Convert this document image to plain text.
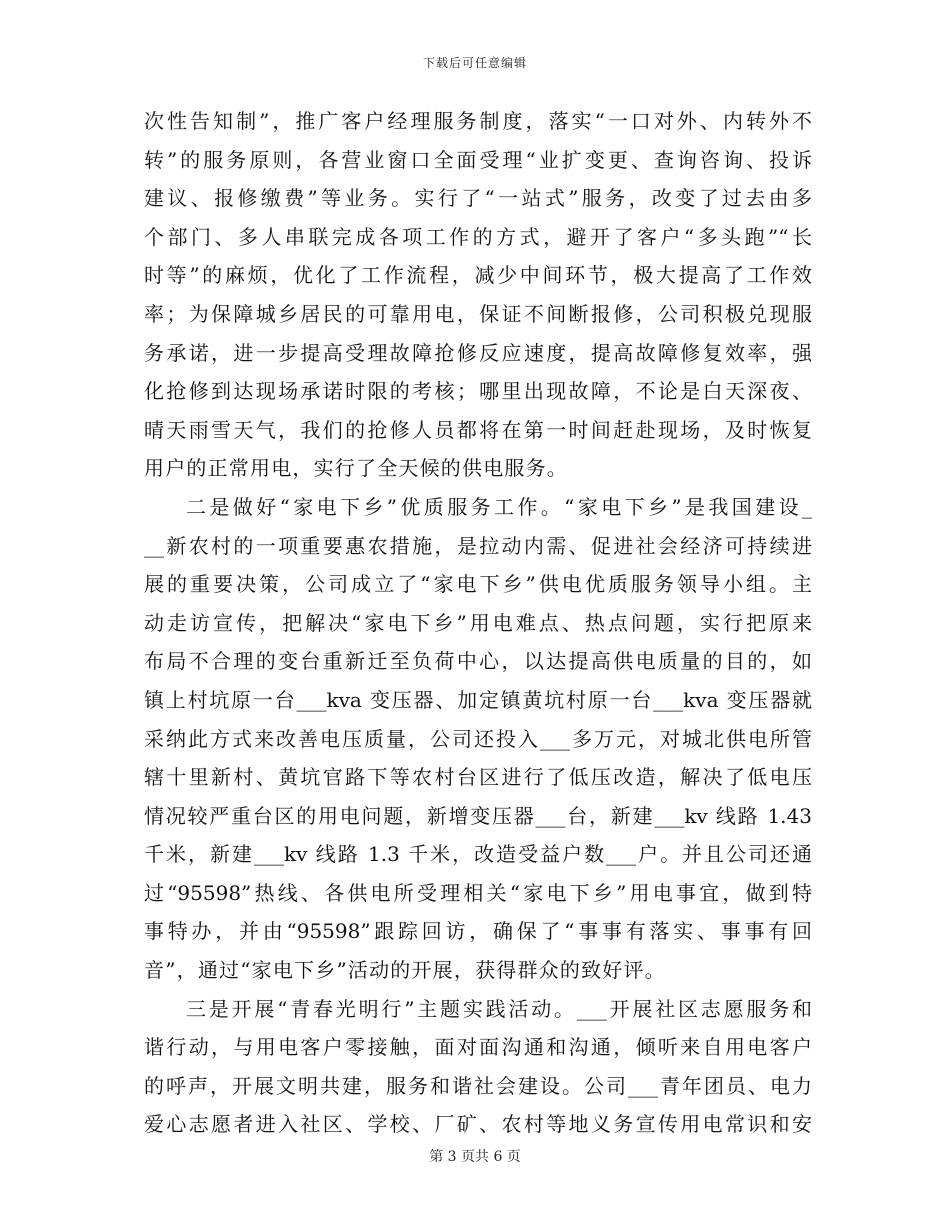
下载后可任意编辑
次性告知制”，推广客户经理服务制度，落实“一口对外、内转外不
转”的服务原则，各营业窗口全面受理“业扩变更、查询咨询、投诉
建议、报修缴费”等业务。实行了“一站式”服务，改变了过去由多
个部门、多人串联完成各项工作的方式，避开了客户“多头跑”“长
时等”的麻烦，优化了工作流程，减少中间环节，极大提高了工作效
率；为保障城乡居民的可靠用电，保证不间断报修，公司积极兑现服
务承诺，进一步提高受理故障抢修反应速度，提高故障修复效率，强
化抢修到达现场承诺时限的考核；哪里出现故障，不论是白天深夜、
晴天雨雪天气，我们的抢修人员都将在第一时间赶赴现场，及时恢复
用户的正常用电，实行了全天候的供电服务。
二是做好“家电下乡”优质服务工作。“家电下乡”是我国建设_
__新农村的一项重要惠农措施，是拉动内需、促进社会经济可持续进
展的重要决策，公司成立了“家电下乡”供电优质服务领导小组。主
动走访宣传，把解决“家电下乡”用电难点、热点问题，实行把原来
布局不合理的变台重新迁至负荷中心，以达提高供电质量的目的，如
镇上村坑原一台___kva 变压器、加定镇黄坑村原一台___kva 变压器就
采纳此方式来改善电压质量，公司还投入___多万元，对城北供电所管
辖十里新村、黄坑官路下等农村台区进行了低压改造，解决了低电压
情况较严重台区的用电问题，新增变压器___台，新建___kv 线路 1.43
千米，新建___kv 线路 1.3 千米，改造受益户数___户。并且公司还通
过“95598”热线、各供电所受理相关“家电下乡”用电事宜，做到特
事特办，并由“95598”跟踪回访，确保了“事事有落实、事事有回
音”，通过“家电下乡”活动的开展，获得群众的致好评。
三是开展“青春光明行”主题实践活动。___开展社区志愿服务和
谐行动，与用电客户零接触，面对面沟通和沟通，倾听来自用电客户
的呼声，开展文明共建，服务和谐社会建设。公司___青年团员、电力
爱心志愿者进入社区、学校、厂矿、农村等地义务宣传用电常识和安
第 3 页共 6 页
